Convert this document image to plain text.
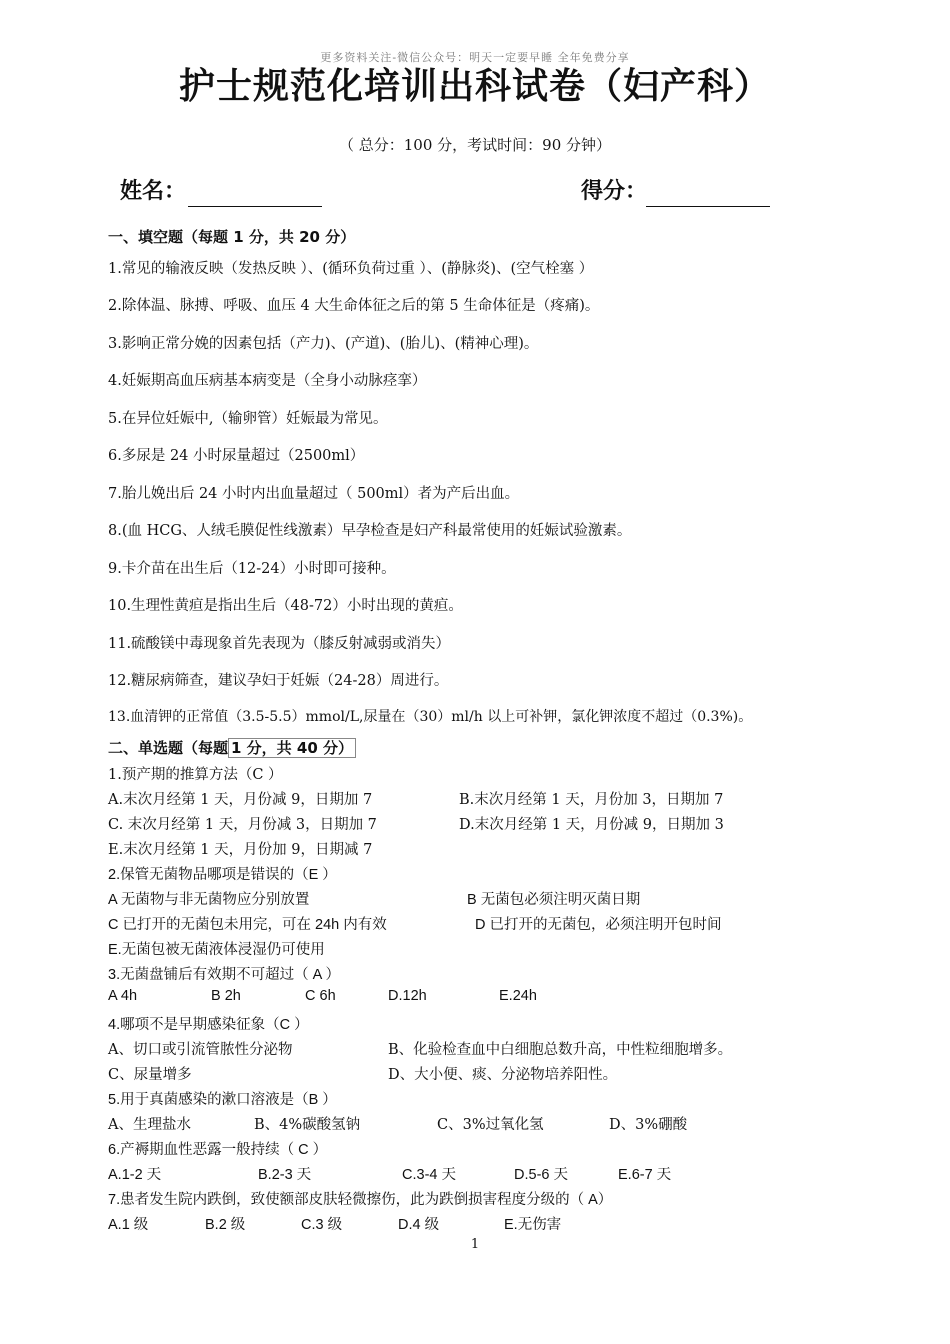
更多资料关注-微信公众号：明天一定要早睡 全年免费分享
护士规范化培训出科试卷（妇产科）
（ 总分：100 分，考试时间：90 分钟）
姓名：	得分：
一、填空题（每题 1 分，共 20 分）
1.常见的输液反映（发热反映 ）、(循环负荷过重 ）、(静脉炎)、(空气栓塞 ）
2.除体温、脉搏、呼吸、血压 4 大生命体征之后的第 5 生命体征是（疼痛)。
3.影响正常分娩的因素包括（产力)、(产道)、(胎儿)、(精神心理)。
4.妊娠期高血压病基本病变是（全身小动脉痉挛）
5.在异位妊娠中,（输卵管）妊娠最为常见。
6.多尿是 24 小时尿量超过（2500ml）
7.胎儿娩出后 24 小时内出血量超过（ 500ml）者为产后出血。
8.(血 HCG、人绒毛膜促性线激素）早孕检查是妇产科最常使用的妊娠试验激素。
9.卡介苗在出生后（12-24）小时即可接种。
10.生理性黄疸是指出生后（48-72）小时出现的黄疸。
11.硫酸镁中毒现象首先表现为（膝反射减弱或消失）
12.糖尿病筛查，建议孕妇于妊娠（24-28）周进行。
13.血清钾的正常值（3.5-5.5）mmol/L,尿量在（30）ml/h 以上可补钾，氯化钾浓度不超过（0.3%)。
二、单选题（每题 1 分，共 40 分）
1.预产期的推算方法（C ）
A.末次月经第 1 天，月份减 9，日期加 7	B.末次月经第 1 天，月份加 3，日期加 7
C. 末次月经第 1 天，月份减 3，日期加 7	D.末次月经第 1 天，月份减 9，日期加 3
E.末次月经第 1 天，月份加 9，日期减 7
2.保管无菌物品哪项是错误的（E ）
A 无菌物与非无菌物应分别放置	B 无菌包必须注明灭菌日期
C 已打开的无菌包未用完，可在 24h 内有效	D 已打开的无菌包，必须注明开包时间
E.无菌包被无菌液体浸湿仍可使用
3.无菌盘铺后有效期不可超过（ A ）
A 4h	B 2h	C 6h	D.12h	E.24h
4.哪项不是早期感染征象（C ）
A、切口或引流管脓性分泌物	B、化验检查血中白细胞总数升高，中性粒细胞增多。
C、尿量增多	D、大小便、痰、分泌物培养阳性。
5.用于真菌感染的漱口溶液是（B ）
A、生理盐水	B、4%碳酸氢钠	C、3%过氧化氢	D、3%硼酸
6.产褥期血性恶露一般持续（ C ）
A.1-2 天	B.2-3 天	C.3-4 天	D.5-6 天	E.6-7 天
7.患者发生院内跌倒，致使额部皮肤轻微擦伤，此为跌倒损害程度分级的（ A）
A.1 级	B.2 级	C.3 级	D.4 级	E.无伤害
1
